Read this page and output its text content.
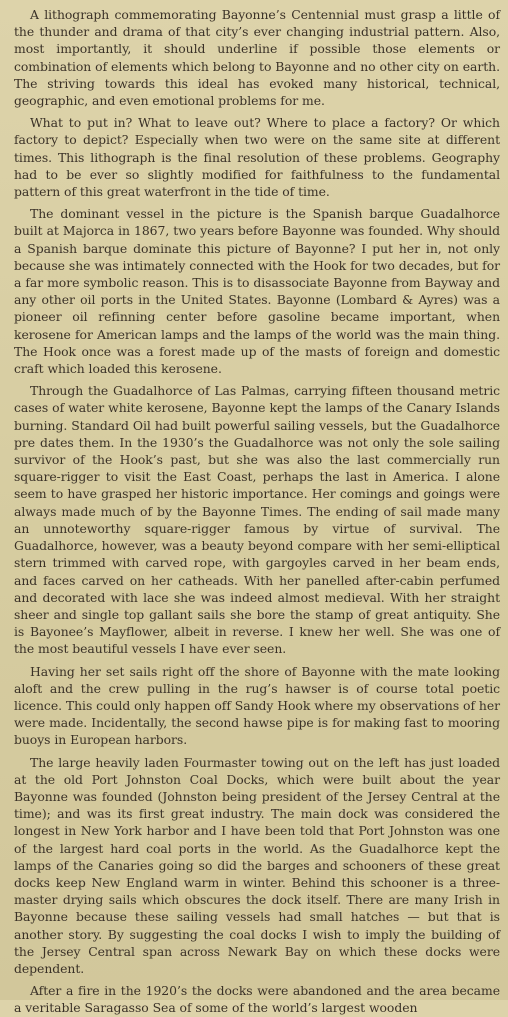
A lithograph commemorating Bayonne’s Centennial must grasp a little of the thunder and drama of that city’s ever changing industrial pattern. Also, most importantly, it should underline if possible those elements or combination of elements which belong to Bayonne and no other city on earth. The striving towards this ideal has evoked many historical, technical, geographic, and even emotional problems for me.

What to put in? What to leave out? Where to place a factory? Or which factory to depict? Especially when two were on the same site at different times. This lithograph is the final resolution of these problems. Geography had to be ever so slightly modified for faithfulness to the fundamental pattern of this great waterfront in the tide of time.

The dominant vessel in the picture is the Spanish barque Guadalhorce built at Majorca in 1867, two years before Bayonne was founded. Why should a Spanish barque dominate this picture of Bayonne? I put her in, not only because she was intimately connected with the Hook for two decades, but for a far more symbolic reason. This is to disassociate Bayonne from Bayway and any other oil ports in the United States. Bayonne (Lombard & Ayres) was a pioneer oil refinning center before gasoline became important, when kerosene for American lamps and the lamps of the world was the main thing. The Hook once was a forest made up of the masts of foreign and domestic craft which loaded this kerosene.

Through the Guadalhorce of Las Palmas, carrying fifteen thousand metric cases of water white kerosene, Bayonne kept the lamps of the Canary Islands burning. Standard Oil had built powerful sailing vessels, but the Guadalhorce pre dates them. In the 1930’s the Guadalhorce was not only the sole sailing survivor of the Hook’s past, but she was also the last commercially run square-rigger to visit the East Coast, perhaps the last in America. I alone seem to have grasped her historic importance. Her comings and goings were always made much of by the Bayonne Times. The ending of sail made many an unnoteworthy square-rigger famous by virtue of survival. The Guadalhorce, however, was a beauty beyond compare with her semi-elliptical stern trimmed with carved rope, with gargoyles carved in her beam ends, and faces carved on her catheads. With her panelled after-cabin perfumed and decorated with lace she was indeed almost medieval. With her straight sheer and single top gallant sails she bore the stamp of great antiquity. She is Bayonee’s Mayflower, albeit in reverse. I knew her well. She was one of the most beautiful vessels I have ever seen.

Having her set sails right off the shore of Bayonne with the mate looking aloft and the crew pulling in the rug’s hawser is of course total poetic licence. This could only happen off Sandy Hook where my observations of her were made. Incidentally, the second hawse pipe is for making fast to mooring buoys in European harbors.

The large heavily laden Fourmaster towing out on the left has just loaded at the old Port Johnston Coal Docks, which were built about the year Bayonne was founded (Johnston being president of the Jersey Central at the time); and was its first great industry. The main dock was considered the longest in New York harbor and I have been told that Port Johnston was one of the largest hard coal ports in the world. As the Guadalhorce kept the lamps of the Canaries going so did the barges and schooners of these great docks keep New England warm in winter. Behind this schooner is a three-master drying sails which obscures the dock itself. There are many Irish in Bayonne because these sailing vessels had small hatches — but that is another story. By suggesting the coal docks I wish to imply the building of the Jersey Central span across Newark Bay on which these docks were dependent.

After a fire in the 1920’s the docks were abandoned and the area became a veritable Saragasso Sea of some of the world’s largest wooden
